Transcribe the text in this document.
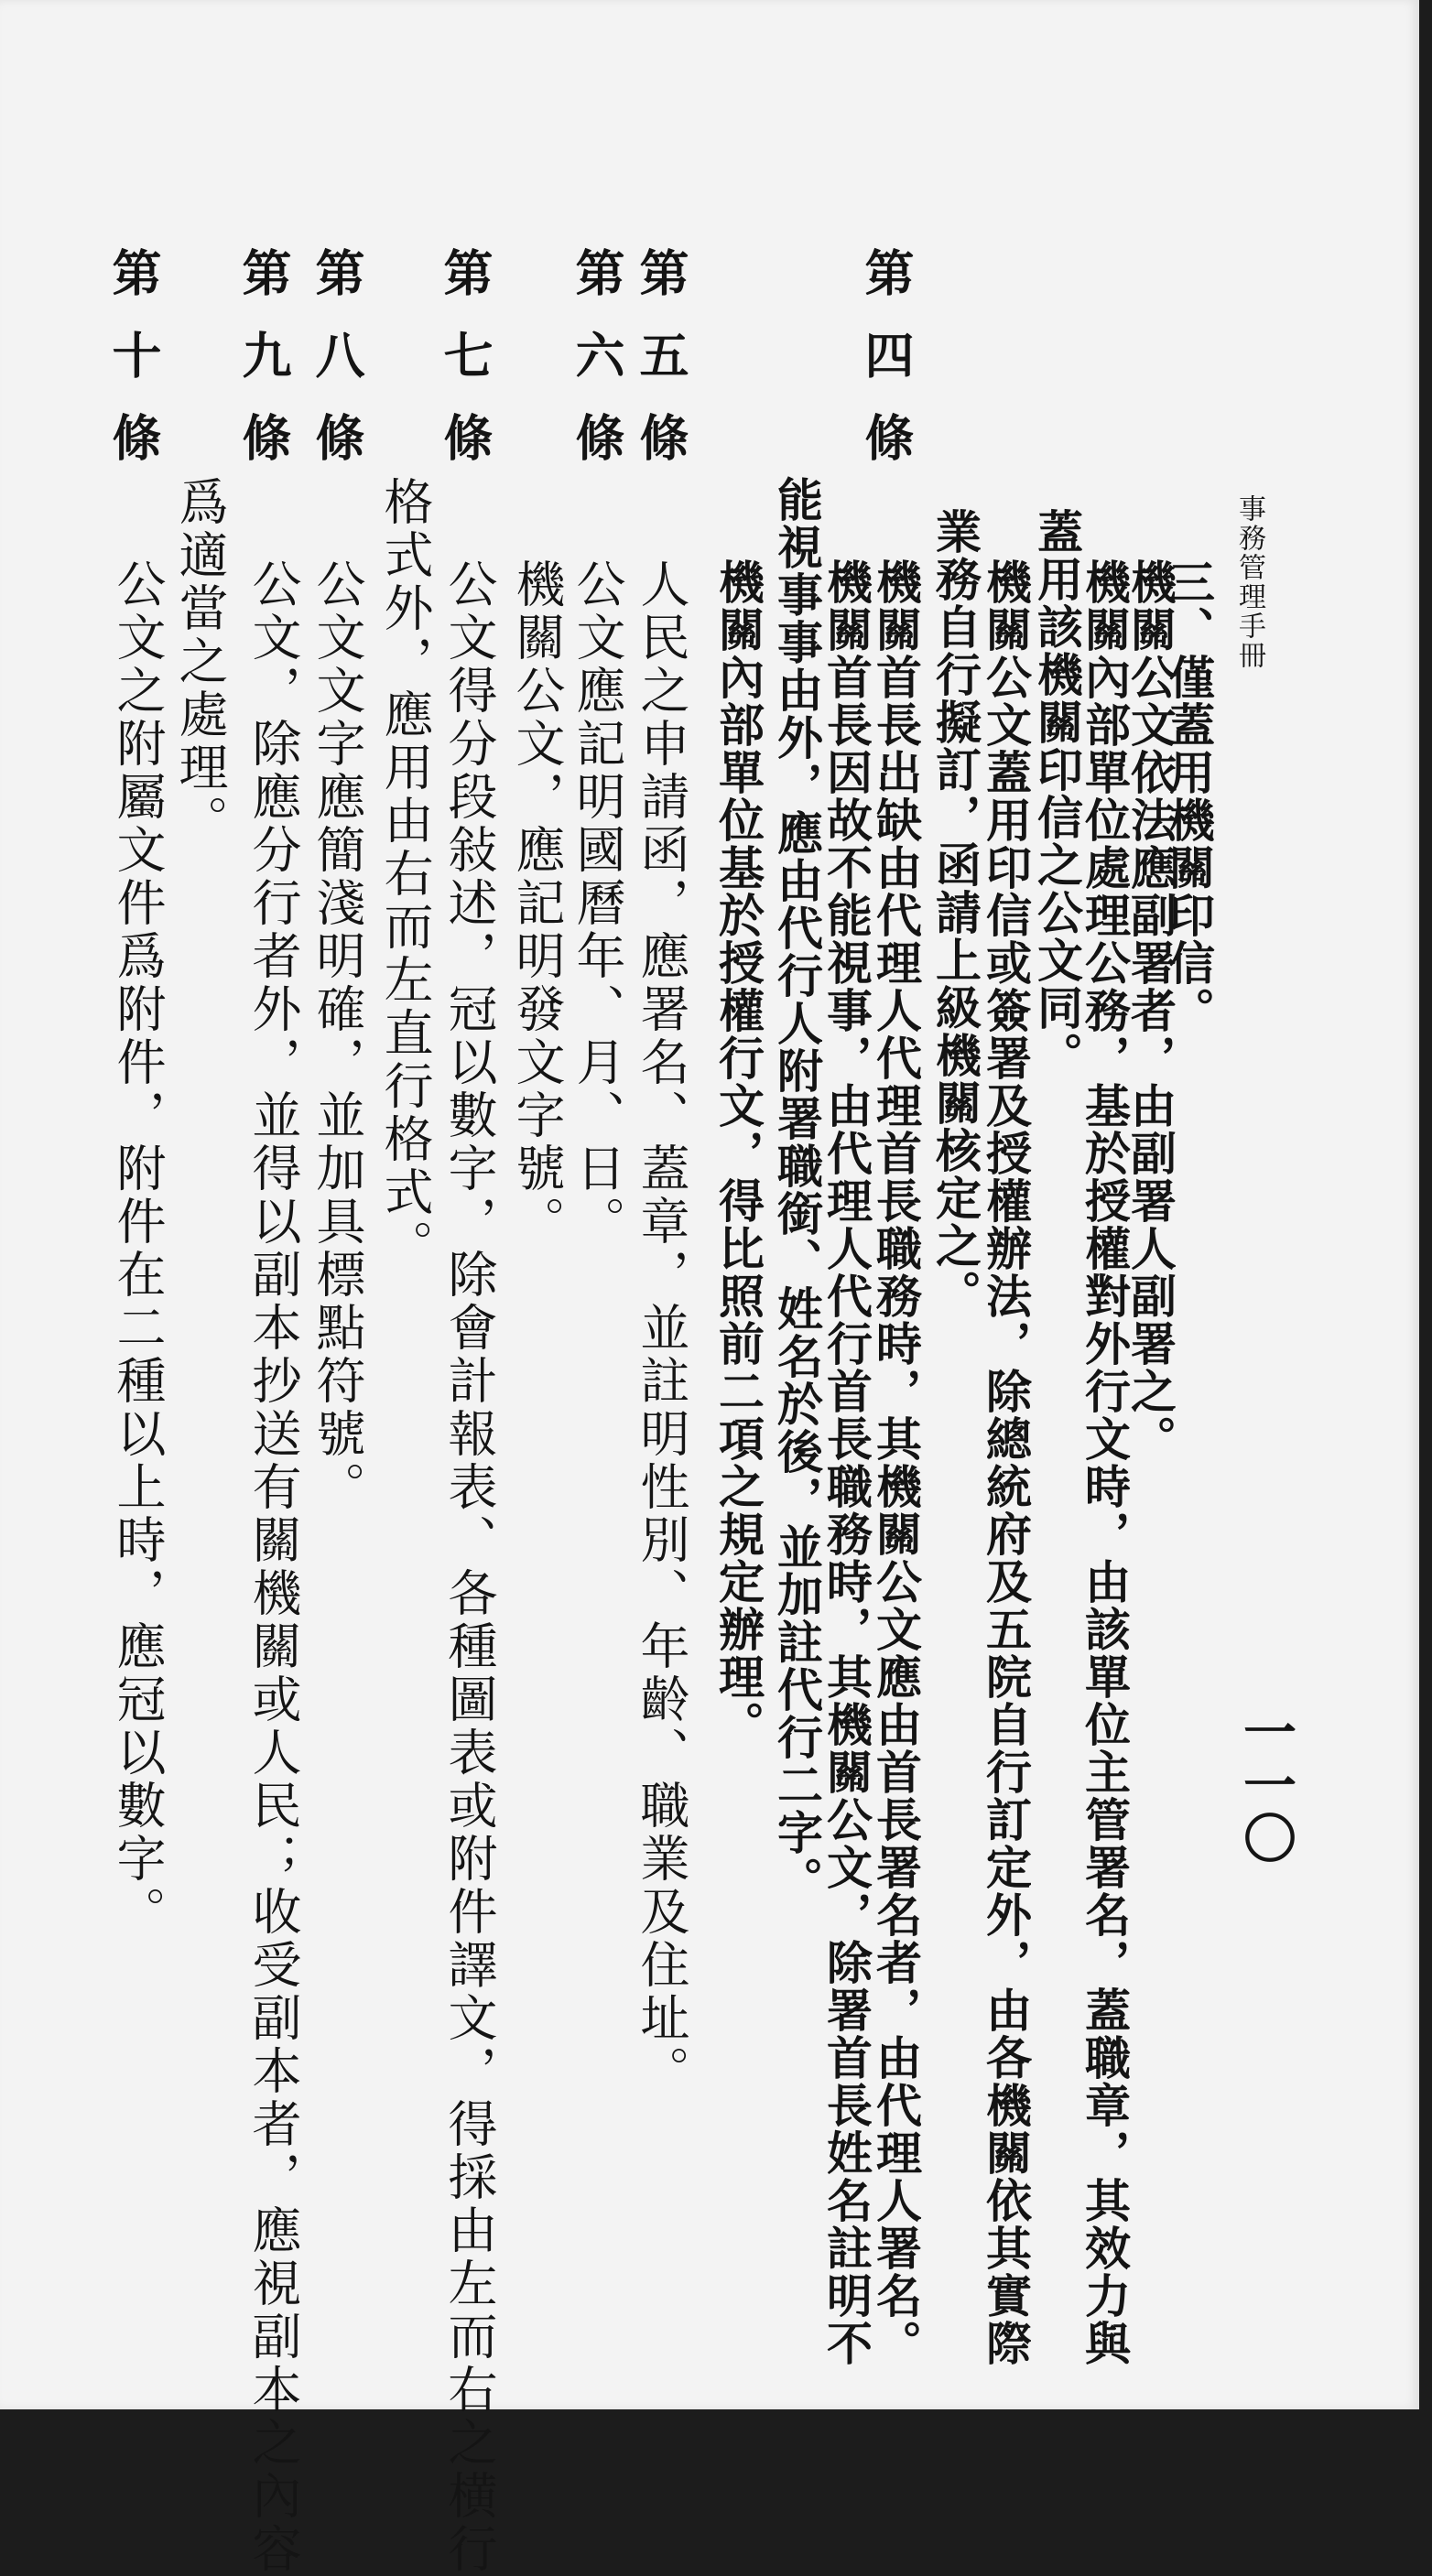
事務管理手冊
一一〇
三、僅蓋用機關印信。
機關公文依法應副署者，由副署人副署之。
機關內部單位處理公務，基於授權對外行文時，由該單位主管署名，蓋職章，其效力與
蓋用該機關印信之公文同。
機關公文蓋用印信或簽署及授權辦法，除總統府及五院自行訂定外，由各機關依其實際
業務自行擬訂，函請上級機關核定之。
第四條
機關首長出缺由代理人代理首長職務時，其機關公文應由首長署名者，由代理人署名。
機關首長因故不能視事，由代理人代行首長職務時，其機關公文，除署首長姓名註明不
能視事事由外，應由代行人附署職銜、姓名於後，並加註代行二字。
機關內部單位基於授權行文，得比照前二項之規定辦理。
第五條
人民之申請函，應署名、蓋章，並註明性別、年齡、職業及住址。
第六條
公文應記明國曆年、月、日。
第七條
機關公文，應記明發文字號。
公文得分段敍述，冠以數字，除會計報表、各種圖表或附件譯文，得採由左而右之横行
格式外，應用由右而左直行格式。
第八條
公文文字應簡淺明確，並加具標點符號。
第九條
公文，除應分行者外，並得以副本抄送有關機關或人民；收受副本者，應視副本之內容
爲適當之處理。
第十條
公文之附屬文件爲附件，附件在二種以上時，應冠以數字。
